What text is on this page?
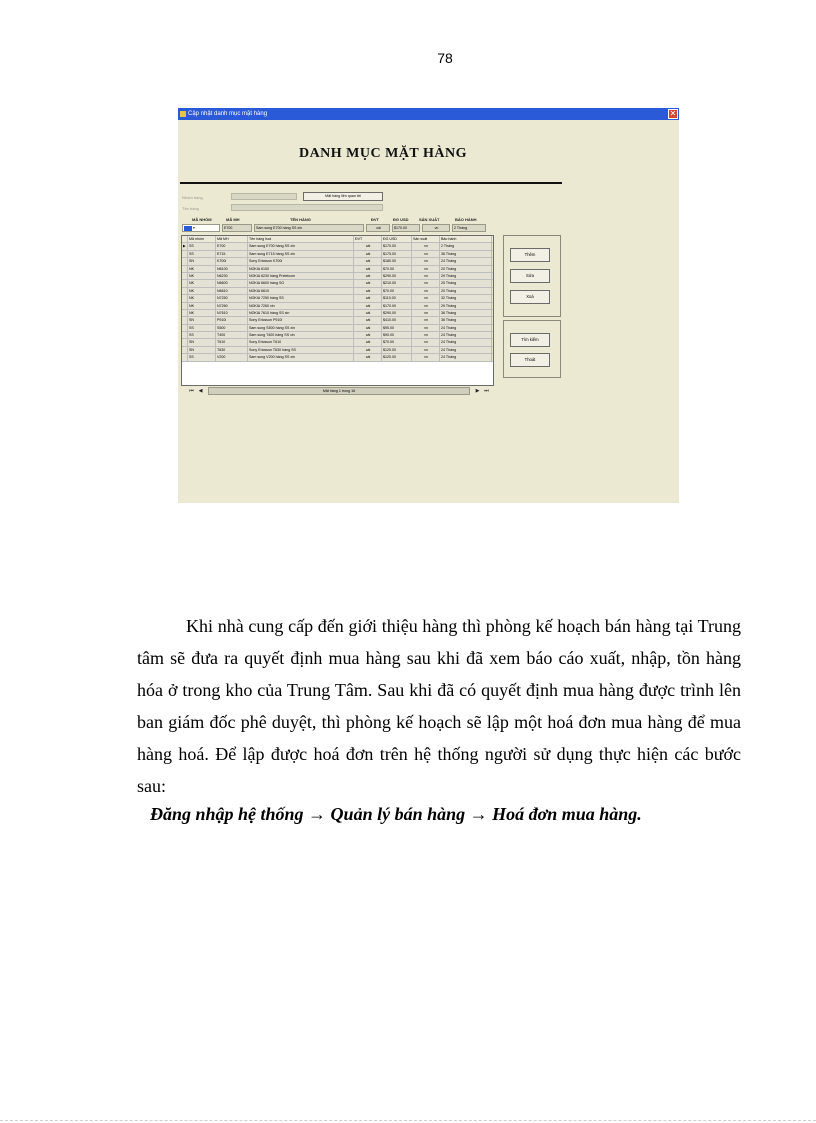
78
Cập nhật danh mục mặt hàng	✕
DANH MỤC MẶT HÀNG
Nhóm hàng	Mặt hàng liên quan tới
Tên hàng
MÃ NHÓM	MÃ MH	TÊN HÀNG	ĐVT	ĐG USD	SẢN XUẤT	BẢO HÀNH
▾	E700	Sam sung E700 hàng SS xin	cái	$170.00	vn	2 Tháng
Mã nhóm	Mã MH	Tên hàng hoá	ĐVT	ĐG USD	Sản xuất	Bảo hành
▶ SS	E700	Sam sung E700 hàng SS xin	cái	$170.00	vn	2 Tháng
SS	E715	Sam sung E715 hàng SS xin	cái	$175.00	vn	36 Tháng
SN	K700i	Sony Ericsson K700i	cái	$180.00	vn	24 Tháng
NK	N6100	NOKIA 6100	cái	$70.00	vn	20 Tháng
NK	N6230	NOKIA 6230 hàng Pretelcom	cái	$290.00	vn	29 Tháng
NK	N6600	NOKIA 6600 hàng SG	cái	$210.00	vn	25 Tháng
NK	N6610	NOKIA 6610	cái	$70.00	vn	20 Tháng
NK	N7250	NOKIA 7250 hàng SS	cái	$110.00	vn	32 Tháng
NK	N7260	NOKIA 7260 xin	cái	$170.00	vn	29 Tháng
NK	N7610	NOKIA 7610 hàng SS xin	cái	$290.00	vn	36 Tháng
SN	P910i	Sony Ericsson P910i	cái	$410.00	vn	36 Tháng
SS	S500	Sam sung S500 hàng SS xin	cái	$95.00	vn	24 Tháng
SS	T400	Sam sung T400 hàng SS xin	cái	$90.00	vn	24 Tháng
SN	T610	Sony Ericsson T610	cái	$70.00	vn	24 Tháng
SN	T630	Sony Ericsson T630 hàng SS	cái	$120.00	vn	24 Tháng
SS	V200	Sam sung V200 hàng SS xin	cái	$120.00	vn	24 Tháng
⏮ ◀	Mặt hàng 1 trong 16	▶ ⏭
Thêm
Sửa
Xoá
Tìm kiếm
Thoát
Khi nhà cung cấp đến giới thiệu hàng thì phòng kế hoạch bán hàng tại Trung tâm sẽ đưa ra quyết định mua hàng sau khi đã xem báo cáo xuất, nhập, tồn hàng hóa ở trong kho của Trung Tâm. Sau khi đã có quyết định mua hàng được trình lên ban giám đốc phê duyệt, thì phòng kế hoạch sẽ lập một hoá đơn mua hàng để mua hàng hoá. Để lập được hoá đơn trên hệ thống người sử dụng thực hiện các bước sau:
Đăng nhập hệ thống → Quản lý bán hàng → Hoá đơn mua hàng.
